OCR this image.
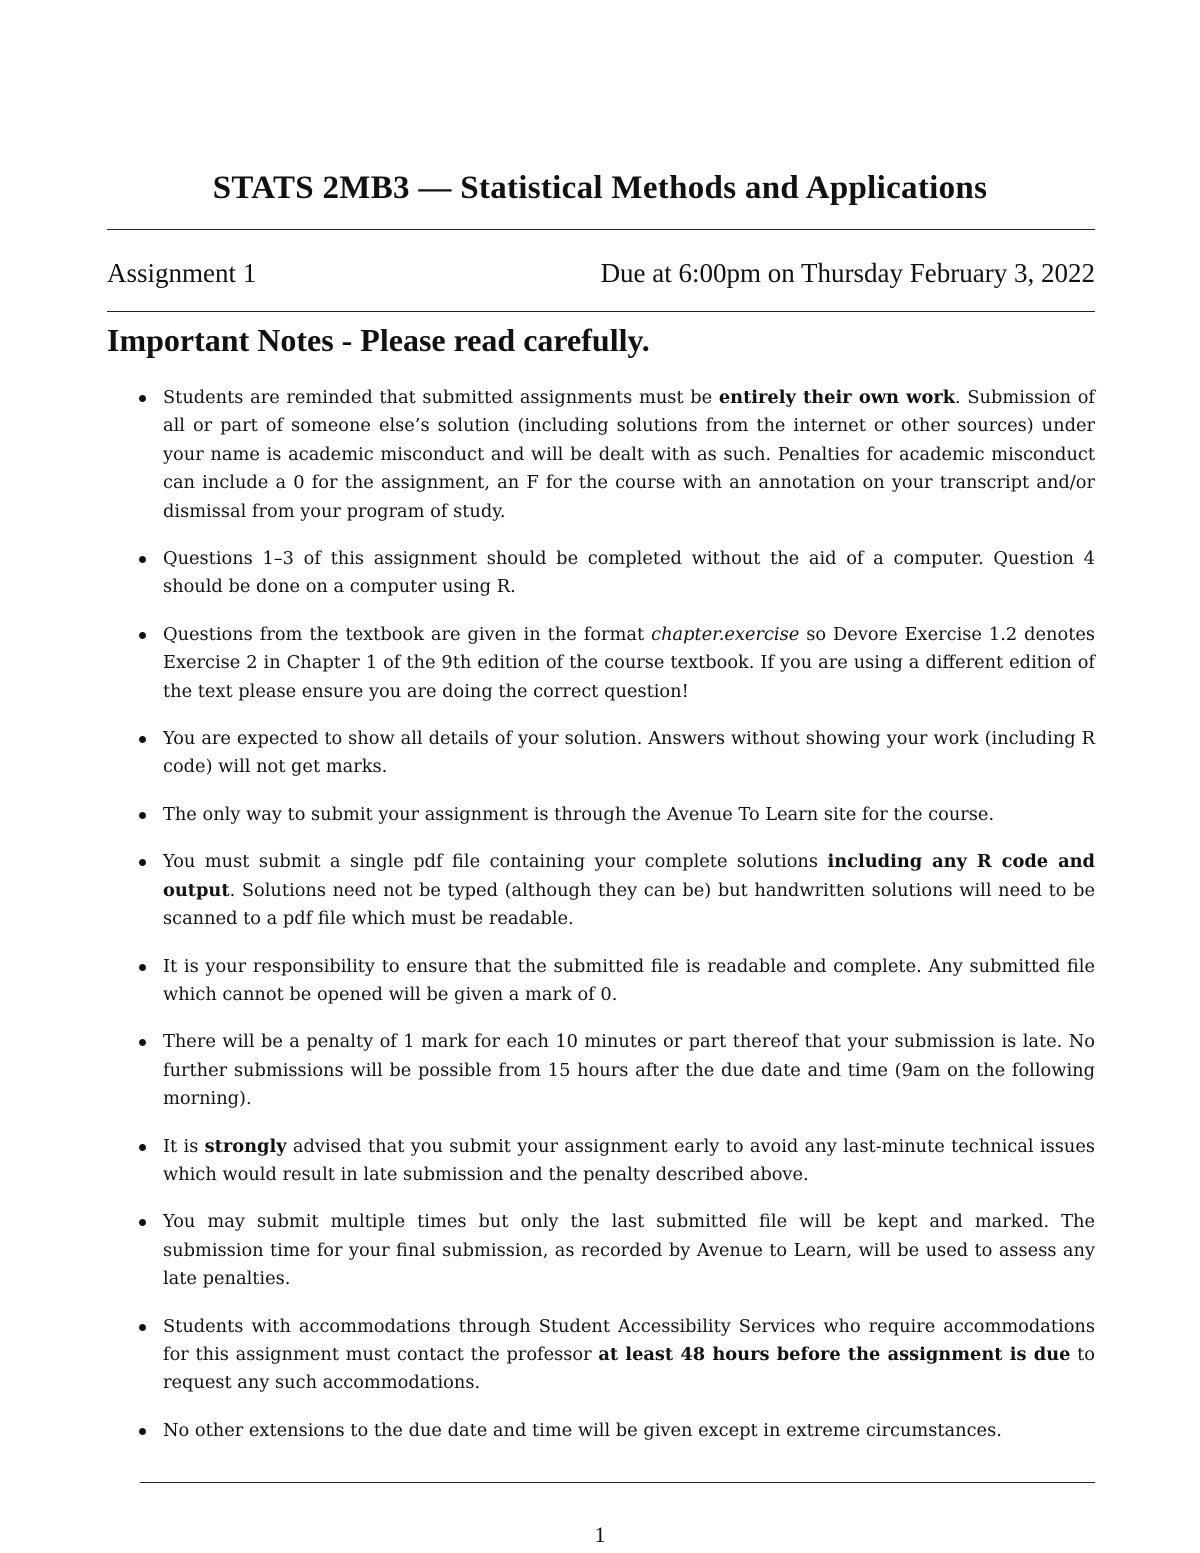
STATS 2MB3 — Statistical Methods and Applications
Assignment 1	Due at 6:00pm on Thursday February 3, 2022
Important Notes - Please read carefully.
Students are reminded that submitted assignments must be entirely their own work. Submission of all or part of someone else’s solution (including solutions from the internet or other sources) under your name is academic misconduct and will be dealt with as such. Penalties for academic misconduct can include a 0 for the assignment, an F for the course with an annotation on your transcript and/or dismissal from your program of study.
Questions 1–3 of this assignment should be completed without the aid of a computer. Question 4 should be done on a computer using R.
Questions from the textbook are given in the format chapter.exercise so Devore Exercise 1.2 denotes Exercise 2 in Chapter 1 of the 9th edition of the course textbook. If you are using a different edition of the text please ensure you are doing the correct question!
You are expected to show all details of your solution. Answers without showing your work (including R code) will not get marks.
The only way to submit your assignment is through the Avenue To Learn site for the course.
You must submit a single pdf file containing your complete solutions including any R code and output. Solutions need not be typed (although they can be) but handwritten solutions will need to be scanned to a pdf file which must be readable.
It is your responsibility to ensure that the submitted file is readable and complete. Any submitted file which cannot be opened will be given a mark of 0.
There will be a penalty of 1 mark for each 10 minutes or part thereof that your submission is late. No further submissions will be possible from 15 hours after the due date and time (9am on the following morning).
It is strongly advised that you submit your assignment early to avoid any last-minute technical issues which would result in late submission and the penalty described above.
You may submit multiple times but only the last submitted file will be kept and marked. The submission time for your final submission, as recorded by Avenue to Learn, will be used to assess any late penalties.
Students with accommodations through Student Accessibility Services who require accommodations for this assignment must contact the professor at least 48 hours before the assignment is due to request any such accommodations.
No other extensions to the due date and time will be given except in extreme circumstances.
1
